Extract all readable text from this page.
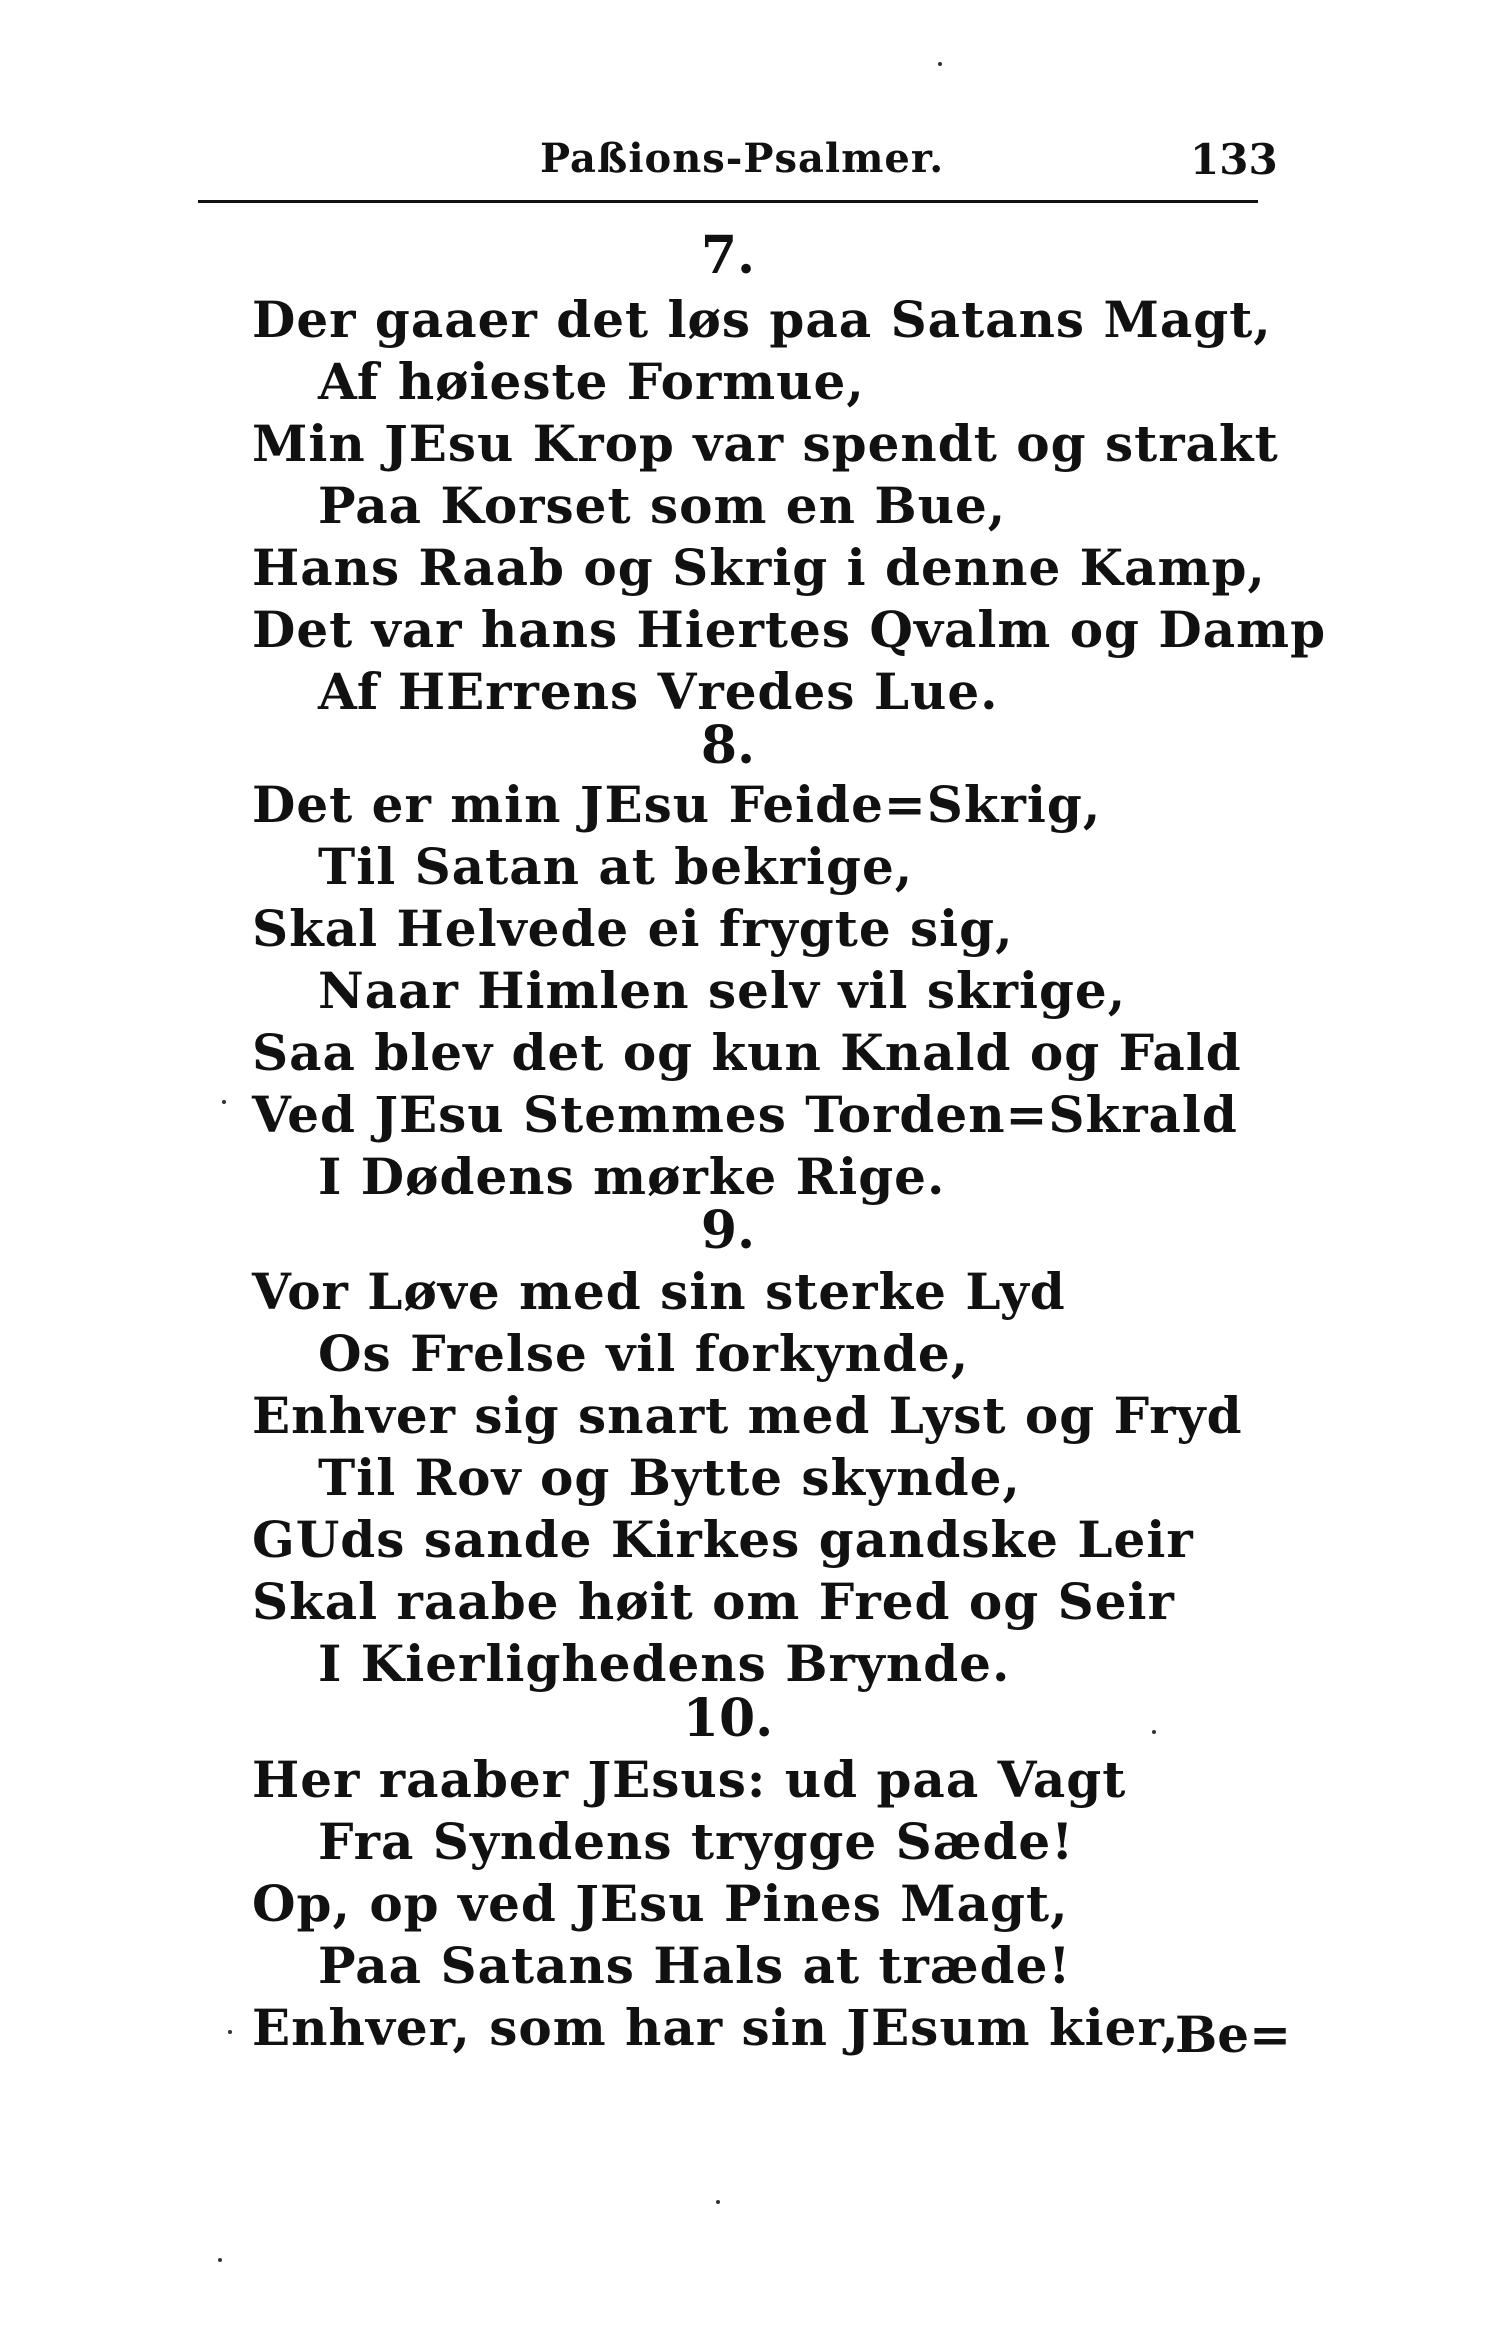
Paßions-Psalmer.	133
7.
Der gaaer det løs paa Satans Magt,
Af høieste Formue,
Min JEsu Krop var spendt og strakt
Paa Korset som en Bue,
Hans Raab og Skrig i denne Kamp,
Det var hans Hiertes Qvalm og Damp
Af HErrens Vredes Lue.
8.
Det er min JEsu Feide=Skrig,
Til Satan at bekrige,
Skal Helvede ei frygte sig,
Naar Himlen selv vil skrige,
Saa blev det og kun Knald og Fald
Ved JEsu Stemmes Torden=Skrald
I Dødens mørke Rige.
9.
Vor Løve med sin sterke Lyd
Os Frelse vil forkynde,
Enhver sig snart med Lyst og Fryd
Til Rov og Bytte skynde,
GUds sande Kirkes gandske Leir
Skal raabe høit om Fred og Seir
I Kierlighedens Brynde.
10.
Her raaber JEsus: ud paa Vagt
Fra Syndens trygge Sæde!
Op, op ved JEsu Pines Magt,
Paa Satans Hals at træde!
Enhver, som har sin JEsum kier,
Be=
